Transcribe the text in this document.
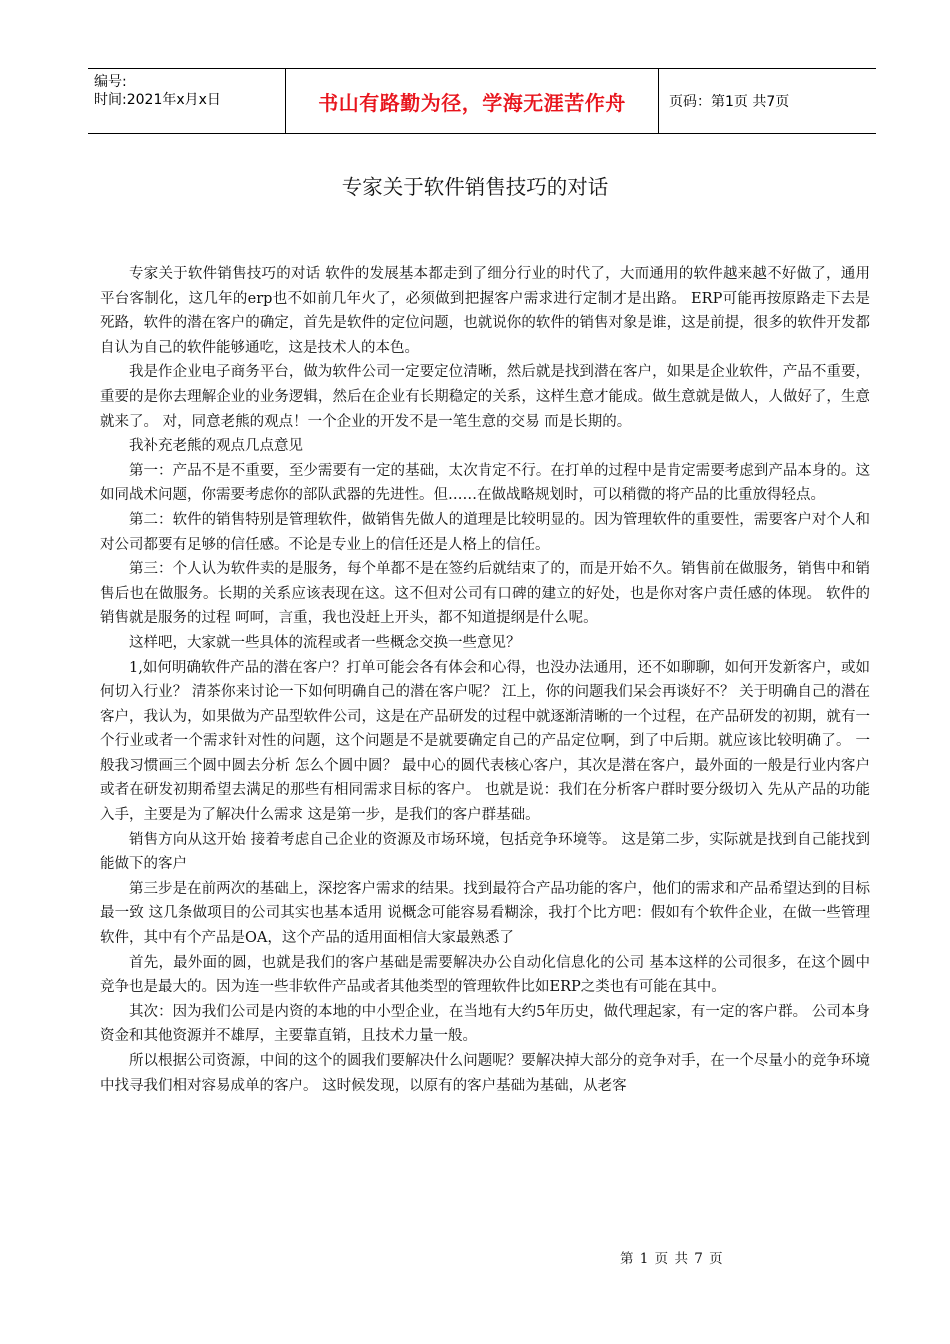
编号:
时间:2021年x月x日	书山有路勤为径，学海无涯苦作舟	页码：第1页 共7页
专家关于软件销售技巧的对话

专家关于软件销售技巧的对话 软件的发展基本都走到了细分行业的时代了，大而通用的软件越来越不好做了，通用平台客制化，这几年的erp也不如前几年火了，必须做到把握客户需求进行定制才是出路。 ERP可能再按原路走下去是死路，软件的潜在客户的确定，首先是软件的定位问题，也就说你的软件的销售对象是谁，这是前提，很多的软件开发都自认为自己的软件能够通吃，这是技术人的本色。

我是作企业电子商务平台，做为软件公司一定要定位清晰，然后就是找到潜在客户，如果是企业软件，产品不重要，重要的是你去理解企业的业务逻辑，然后在企业有长期稳定的关系，这样生意才能成。做生意就是做人，人做好了，生意就来了。 对，同意老熊的观点！一个企业的开发不是一笔生意的交易 而是长期的。

我补充老熊的观点几点意见

第一：产品不是不重要，至少需要有一定的基础，太次肯定不行。在打单的过程中是肯定需要考虑到产品本身的。这如同战术问题，你需要考虑你的部队武器的先进性。但……在做战略规划时，可以稍微的将产品的比重放得轻点。

第二：软件的销售特别是管理软件，做销售先做人的道理是比较明显的。因为管理软件的重要性，需要客户对个人和对公司都要有足够的信任感。不论是专业上的信任还是人格上的信任。

第三：个人认为软件卖的是服务，每个单都不是在签约后就结束了的，而是开始不久。销售前在做服务，销售中和销售后也在做服务。长期的关系应该表现在这。这不但对公司有口碑的建立的好处，也是你对客户责任感的体现。 软件的销售就是服务的过程 呵呵，言重，我也没赶上开头，都不知道提纲是什么呢。

这样吧，大家就一些具体的流程或者一些概念交换一些意见？

1,如何明确软件产品的潜在客户？打单可能会各有体会和心得，也没办法通用，还不如聊聊，如何开发新客户，或如何切入行业？ 清茶你来讨论一下如何明确自己的潜在客户呢？ 江上，你的问题我们呆会再谈好不？ 关于明确自己的潜在客户，我认为，如果做为产品型软件公司，这是在产品研发的过程中就逐渐清晰的一个过程，在产品研发的初期，就有一个行业或者一个需求针对性的问题，这个问题是不是就要确定自己的产品定位啊，到了中后期。就应该比较明确了。 一般我习惯画三个圆中圆去分析 怎么个圆中圆？ 最中心的圆代表核心客户，其次是潜在客户，最外面的一般是行业内客户或者在研发初期希望去满足的那些有相同需求目标的客户。 也就是说：我们在分析客户群时要分级切入 先从产品的功能入手，主要是为了解决什么需求 这是第一步，是我们的客户群基础。

销售方向从这开始 接着考虑自己企业的资源及市场环境，包括竞争环境等。 这是第二步，实际就是找到自己能找到能做下的客户

第三步是在前两次的基础上，深挖客户需求的结果。找到最符合产品功能的客户，他们的需求和产品希望达到的目标最一致 这几条做项目的公司其实也基本适用 说概念可能容易看糊涂，我打个比方吧：假如有个软件企业，在做一些管理软件，其中有个产品是OA，这个产品的适用面相信大家最熟悉了

首先，最外面的圆，也就是我们的客户基础是需要解决办公自动化信息化的公司 基本这样的公司很多，在这个圆中竞争也是最大的。因为连一些非软件产品或者其他类型的管理软件比如ERP之类也有可能在其中。

其次：因为我们公司是内资的本地的中小型企业，在当地有大约5年历史，做代理起家，有一定的客户群。 公司本身资金和其他资源并不雄厚，主要靠直销，且技术力量一般。

所以根据公司资源，中间的这个的圆我们要解决什么问题呢？要解决掉大部分的竞争对手，在一个尽量小的竞争环境中找寻我们相对容易成单的客户。 这时候发现，以原有的客户基础为基础，从老客

第 1 页 共 7 页
